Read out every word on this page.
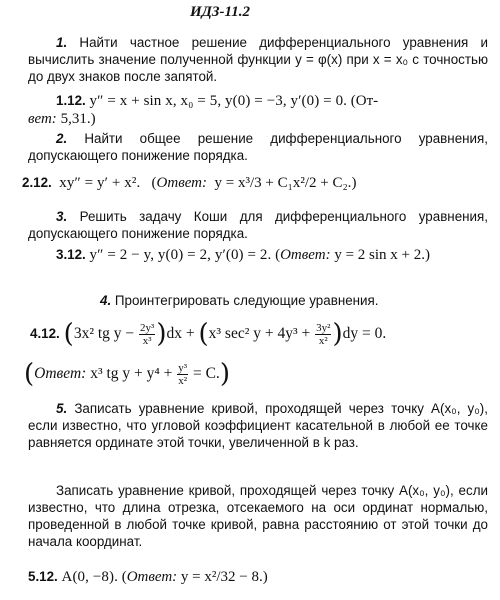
ИДЗ-11.2

1. Найти частное решение дифференциального уравнения и вычислить значение полученной функции y = φ(x) при x = x₀ с точностью до двух знаков после запятой.

1.12. y″ = x + sin x, x₀ = 5, y(0) = −3, y′(0) = 0. (От-
вет: 5,31.)

2. Найти общее решение дифференциального уравнения, допускающего понижение порядка.

2.12. xy″ = y′ + x². (Ответ: y = x³/3 + C₁x²/2 + C₂.)

3. Решить задачу Коши для дифференциального уравнения, допускающего понижение порядка.

3.12. y″ = 2 − y, y(0) = 2, y′(0) = 2. (Ответ: y = 2 sin x + 2.)

4. Проинтегрировать следующие уравнения.

4.12. (3x² tg $y - \frac{\text{2y³}}{\text{x³}} )dx + (x^3$ sec² $y + 4y^3 + \frac{\text{3y²}}{\text{x²}} )dy = 0$.
(Ответ: x³ tg $y + y^4 + \frac{\text{y³}}{\text{x²}} = C$.)

5. Записать уравнение кривой, проходящей через точку A(x₀, y₀), если известно, что угловой коэффициент касательной в любой ее точке равняется ординате этой точки, увеличенной в k раз.

Записать уравнение кривой, проходящей через точку A(x₀, y₀), если известно, что длина отрезка, отсекаемого на оси ординат нормалью, проведенной в любой точке кривой, равна расстоянию от этой точки до начала координат.

5.12. A(0, −8). (Ответ: y = x²/32 − 8.)
